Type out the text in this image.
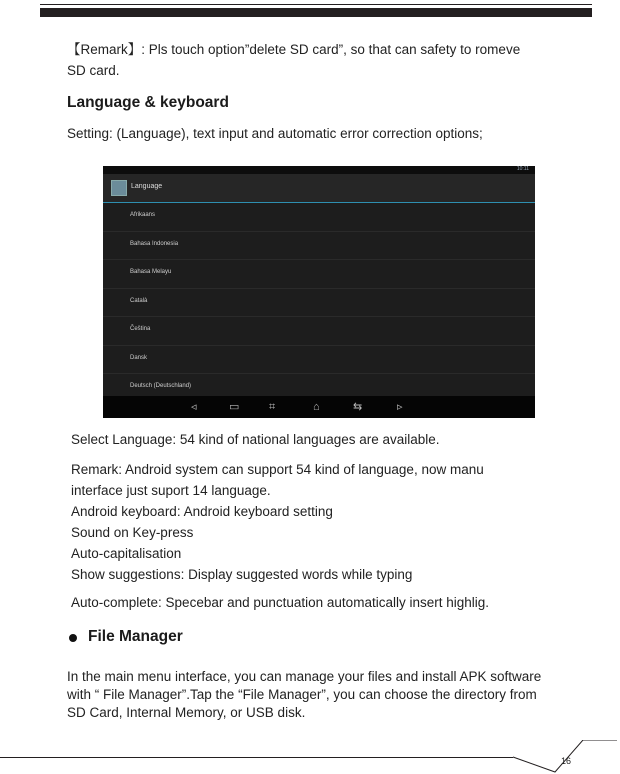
【Remark】: Pls touch option”delete SD card”, so that can safety to romeve
SD card.
Language & keyboard
Setting: (Language), text input and automatic error correction options;
10:11
Language
Afrikaans
Bahasa Indonesia
Bahasa Melayu
Català
Čeština
Dansk
Deutsch (Deutschland)
◃	▭	⌗	⌂	⇆	▹
Select Language: 54 kind of national languages are available.
Remark: Android system can support 54 kind of language, now manu
interface just suport 14 language.
Android keyboard: Android keyboard setting
Sound on Key-press
Auto-capitalisation
Show suggestions: Display suggested words while typing
Auto-complete: Specebar and punctuation automatically insert highlig.
File Manager
In the main menu interface, you can manage your files and install APK software
with “ File Manager”.Tap the “File Manager”, you can choose the directory from
SD Card, Internal Memory, or USB disk.
16
